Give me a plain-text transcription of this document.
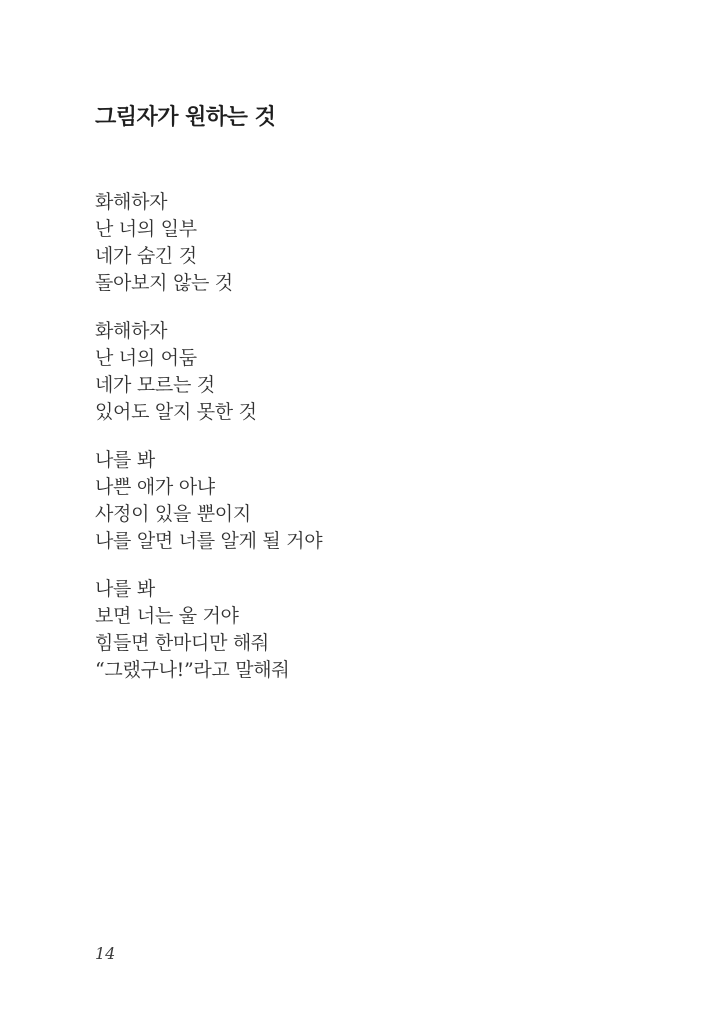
그림자가 원하는 것

화해하자

난 너의 일부

네가 숨긴 것

돌아보지 않는 것

화해하자

난 너의 어둠

네가 모르는 것

있어도 알지 못한 것

나를 봐

나쁜 애가 아냐

사정이 있을 뿐이지

나를 알면 너를 알게 될 거야

나를 봐

보면 너는 울 거야

힘들면 한마디만 해줘

“그랬구나!”라고 말해줘

14
